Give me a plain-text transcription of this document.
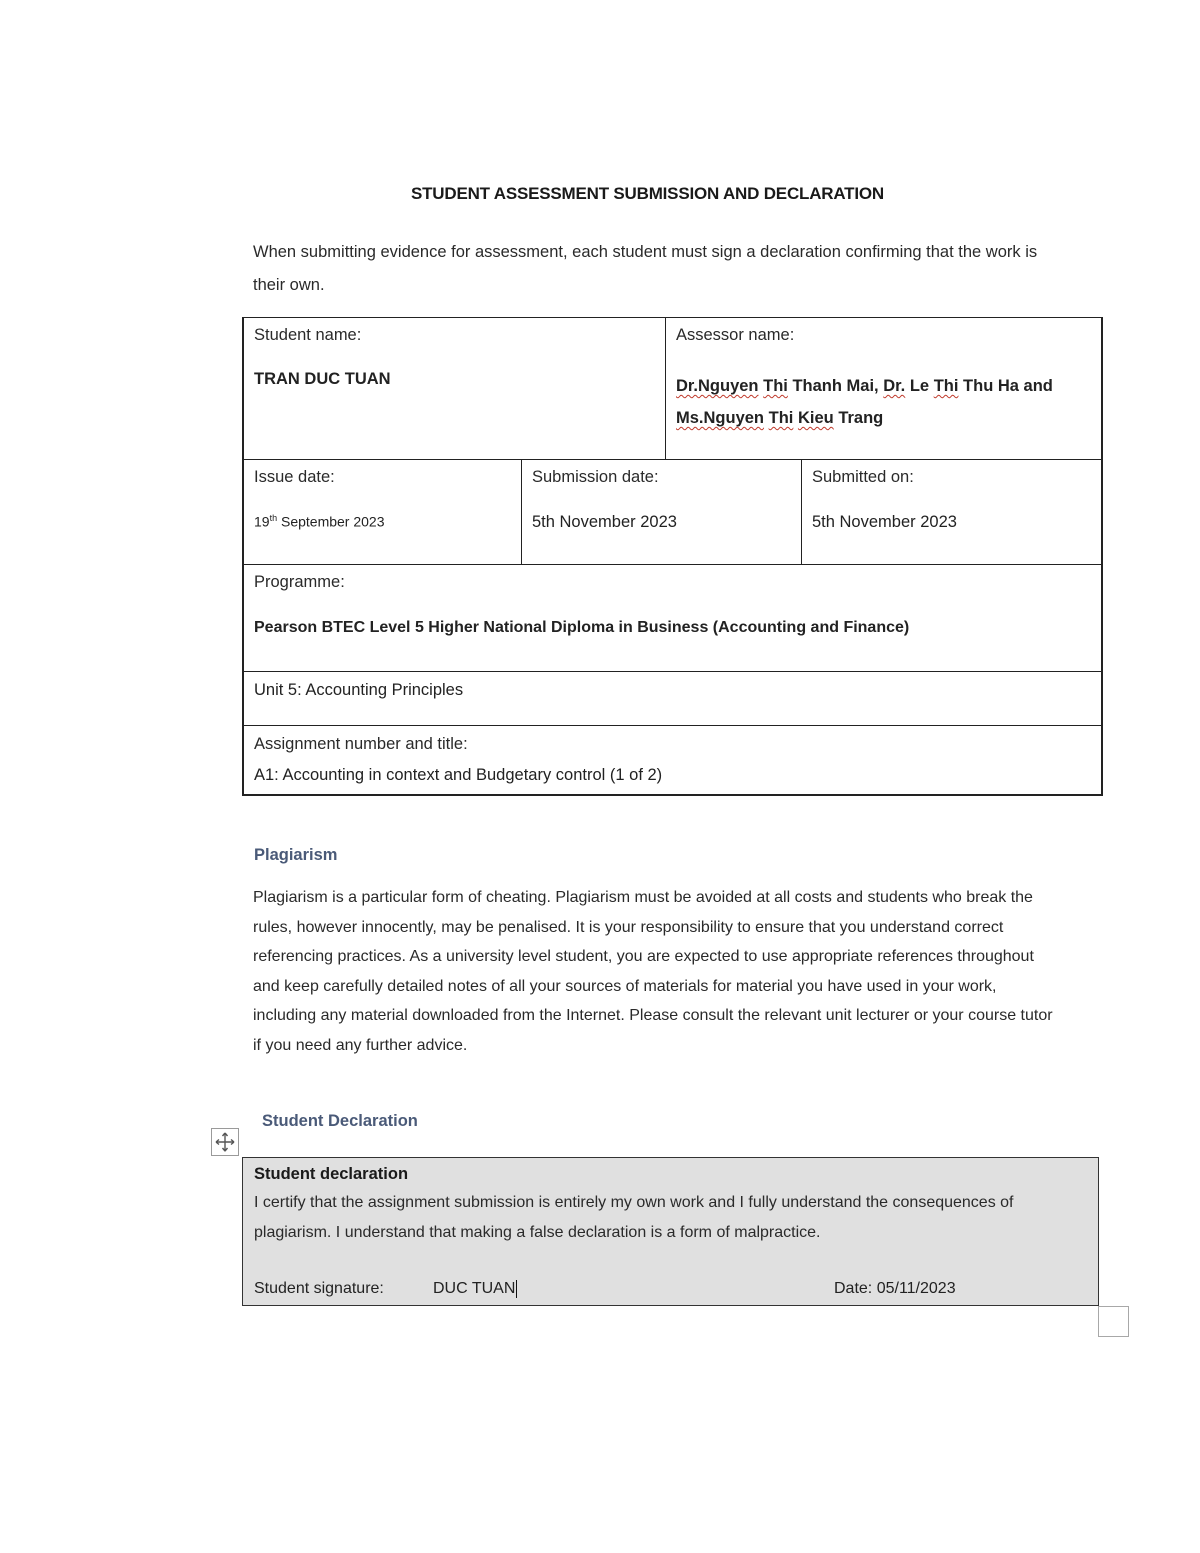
STUDENT ASSESSMENT SUBMISSION AND DECLARATION
When submitting evidence for assessment, each student must sign a declaration confirming that the work is their own.
Student name:
TRAN DUC TUAN
Assessor name:
Dr.Nguyen Thi Thanh Mai, Dr. Le Thi Thu Ha and
Ms.Nguyen Thi Kieu Trang
Issue date:
19th September 2023
Submission date:
5th November 2023
Submitted on:
5th November 2023
Programme:
Pearson BTEC Level 5 Higher National Diploma in Business (Accounting and Finance)
Unit 5: Accounting Principles
Assignment number and title:
A1: Accounting in context and Budgetary control (1 of 2)
Plagiarism
Plagiarism is a particular form of cheating. Plagiarism must be avoided at all costs and students who break the rules, however innocently, may be penalised. It is your responsibility to ensure that you understand correct referencing practices. As a university level student, you are expected to use appropriate references throughout and keep carefully detailed notes of all your sources of materials for material you have used in your work, including any material downloaded from the Internet. Please consult the relevant unit lecturer or your course tutor if you need any further advice.
Student Declaration
Student declaration
I certify that the assignment submission is entirely my own work and I fully understand the consequences of plagiarism. I understand that making a false declaration is a form of malpractice.
Student signature:	DUC TUAN	Date: 05/11/2023
